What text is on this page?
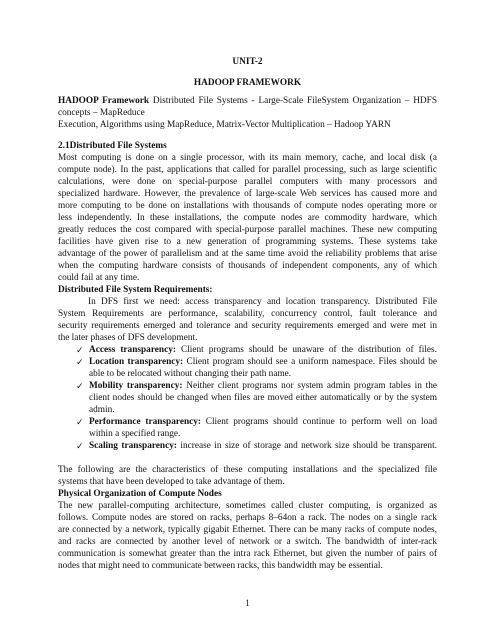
UNIT-2
HADOOP FRAMEWORK
HADOOP Framework Distributed File Systems - Large-Scale FileSystem Organization – HDFS
concepts – MapReduce
Execution, Algorithms using MapReduce, Matrix-Vector Multiplication – Hadoop YARN
2.1Distributed File Systems
Most computing is done on a single processor, with its main memory, cache, and local disk (a
compute node). In the past, applications that called for parallel processing, such as large scientific
calculations, were done on special-purpose parallel computers with many processors and
specialized hardware. However, the prevalence of large-scale Web services has caused more and
more computing to be done on installations with thousands of compute nodes operating more or
less independently. In these installations, the compute nodes are commodity hardware, which
greatly reduces the cost compared with special-purpose parallel machines. These new computing
facilities have given rise to a new generation of programming systems. These systems take
advantage of the power of parallelism and at the same time avoid the reliability problems that arise
when the computing hardware consists of thousands of independent components, any of which
could fail at any time.
Distributed File System Requirements:
In DFS first we need: access transparency and location transparency. Distributed File
System Requirements are performance, scalability, concurrency control, fault tolerance and
security requirements emerged and tolerance and security requirements emerged and were met in
the later phases of DFS development.
✓ Access transparency: Client programs should be unaware of the distribution of files.
✓ Location transparency: Client program should see a uniform namespace. Files should be
able to be relocated without changing their path name.
✓ Mobility transparency: Neither client programs nor system admin program tables in the
client nodes should be changed when files are moved either automatically or by the system
admin.
✓ Performance transparency: Client programs should continue to perform well on load
within a specified range.
✓ Scaling transparency: increase in size of storage and network size should be transparent.
The following are the characteristics of these computing installations and the specialized file
systems that have been developed to take advantage of them.
Physical Organization of Compute Nodes
The new parallel-computing architecture, sometimes called cluster computing, is organized as
follows. Compute nodes are stored on racks, perhaps 8–64on a rack. The nodes on a single rack
are connected by a network, typically gigabit Ethernet. There can be many racks of compute nodes,
and racks are connected by another level of network or a switch. The bandwidth of inter-rack
communication is somewhat greater than the intra rack Ethernet, but given the number of pairs of
nodes that might need to communicate between racks, this bandwidth may be essential.
1
